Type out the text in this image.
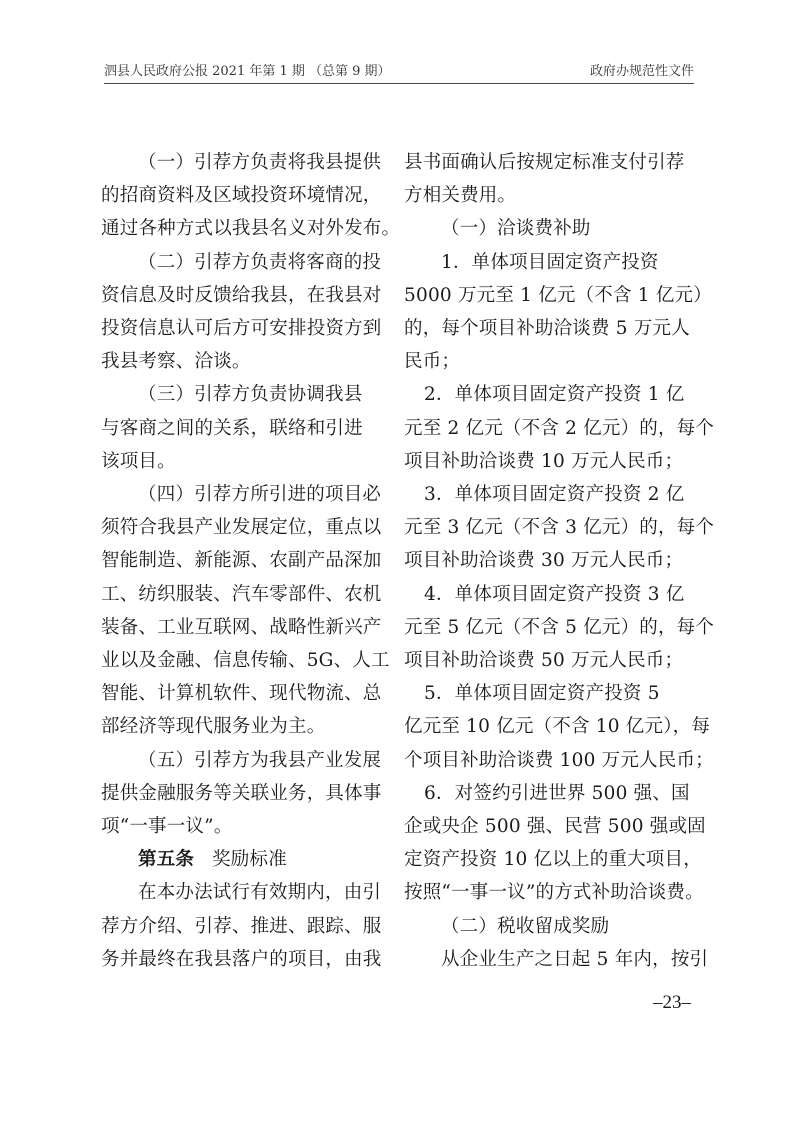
泗县人民政府公报 2021 年第 1 期 （总第 9 期）	政府办规范性文件

（一）引荐方负责将我县提供

的招商资料及区域投资环境情况，

通过各种方式以我县名义对外发布。

（二）引荐方负责将客商的投

资信息及时反馈给我县，在我县对

投资信息认可后方可安排投资方到

我县考察、洽谈。

（三）引荐方负责协调我县

与客商之间的关系，联络和引进

该项目。

（四）引荐方所引进的项目必

须符合我县产业发展定位，重点以

智能制造、新能源、农副产品深加

工、纺织服装、汽车零部件、农机

装备、工业互联网、战略性新兴产

业以及金融、信息传输、5G、人工

智能、计算机软件、现代物流、总

部经济等现代服务业为主。

（五）引荐方为我县产业发展

提供金融服务等关联业务，具体事

项“一事一议”。

第五条 奖励标准

在本办法试行有效期内，由引

荐方介绍、引荐、推进、跟踪、服

务并最终在我县落户的项目，由我

县书面确认后按规定标准支付引荐

方相关费用。

（一）洽谈费补助

1．单体项目固定资产投资

5000 万元至 1 亿元（不含 1 亿元）

的，每个项目补助洽谈费 5 万元人

民币；

2．单体项目固定资产投资 1 亿

元至 2 亿元（不含 2 亿元）的，每个

项目补助洽谈费 10 万元人民币；

3．单体项目固定资产投资 2 亿

元至 3 亿元（不含 3 亿元）的，每个

项目补助洽谈费 30 万元人民币；

4．单体项目固定资产投资 3 亿

元至 5 亿元（不含 5 亿元）的，每个

项目补助洽谈费 50 万元人民币；

5．单体项目固定资产投资 5

亿元至 10 亿元（不含 10 亿元），每

个项目补助洽谈费 100 万元人民币；

6．对签约引进世界 500 强、国

企或央企 500 强、民营 500 强或固

定资产投资 10 亿以上的重大项目，

按照“一事一议”的方式补助洽谈费。

（二）税收留成奖励

从企业生产之日起 5 年内，按引

–23–
